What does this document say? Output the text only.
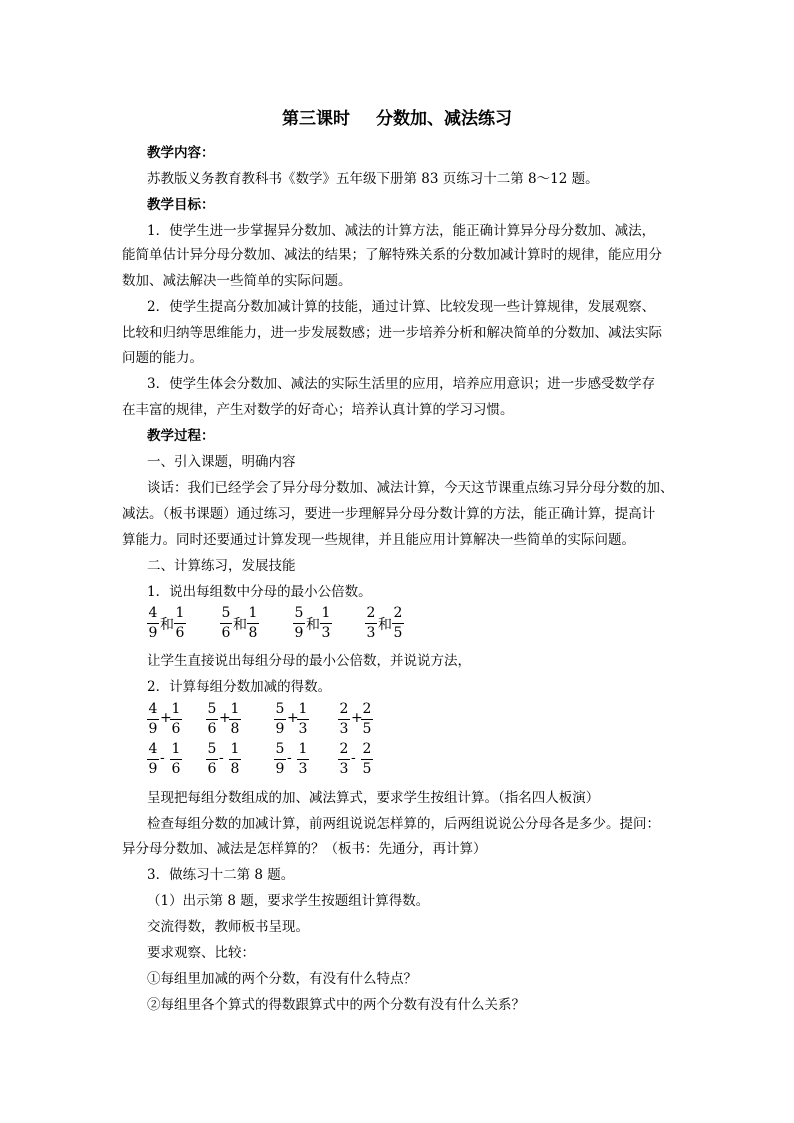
第三课时 分数加、减法练习
教学内容：
苏教版义务教育教科书《数学》五年级下册第 83 页练习十二第 8～12 题。
教学目标：
1．使学生进一步掌握异分数加、减法的计算方法，能正确计算异分母分数加、减法，
能简单估计异分母分数加、减法的结果；了解特殊关系的分数加减计算时的规律，能应用分
数加、减法解决一些简单的实际问题。
2．使学生提高分数加减计算的技能，通过计算、比较发现一些计算规律，发展观察、
比较和归纳等思维能力，进一步发展数感；进一步培养分析和解决简单的分数加、减法实际
问题的能力。
3．使学生体会分数加、减法的实际生活里的应用，培养应用意识；进一步感受数学存
在丰富的规律，产生对数学的好奇心；培养认真计算的学习习惯。
教学过程：
一、引入课题，明确内容
谈话：我们已经学会了异分母分数加、减法计算，今天这节课重点练习异分母分数的加、
减法。（板书课题）通过练习，要进一步理解异分母分数计算的方法，能正确计算，提高计
算能力。同时还要通过计算发现一些规律，并且能应用计算解决一些简单的实际问题。
二、计算练习，发展技能
1．说出每组数中分母的最小公倍数。
4
9 和
1
6
5
6 和
1
8
5
9 和
1
3
2
3 和
2
5
让学生直接说出每组分母的最小公倍数，并说说方法，
2．计算每组分数加减的得数。
4
9
+
1
6
5
6
+
1
8
5
9
+
1
3
2
3
+
2
5
4
9
-
1
6
5
6
-
1
8
5
9
-
1
3
2
3
-
2
5
呈现把每组分数组成的加、减法算式，要求学生按组计算。（指名四人板演）
检查每组分数的加减计算，前两组说说怎样算的，后两组说说公分母各是多少。提问：
异分母分数加、减法是怎样算的？（板书：先通分，再计算）
3．做练习十二第 8 题。
（1）出示第 8 题，要求学生按题组计算得数。
交流得数，教师板书呈现。
要求观察、比较：
①每组里加减的两个分数，有没有什么特点？
②每组里各个算式的得数跟算式中的两个分数有没有什么关系？
